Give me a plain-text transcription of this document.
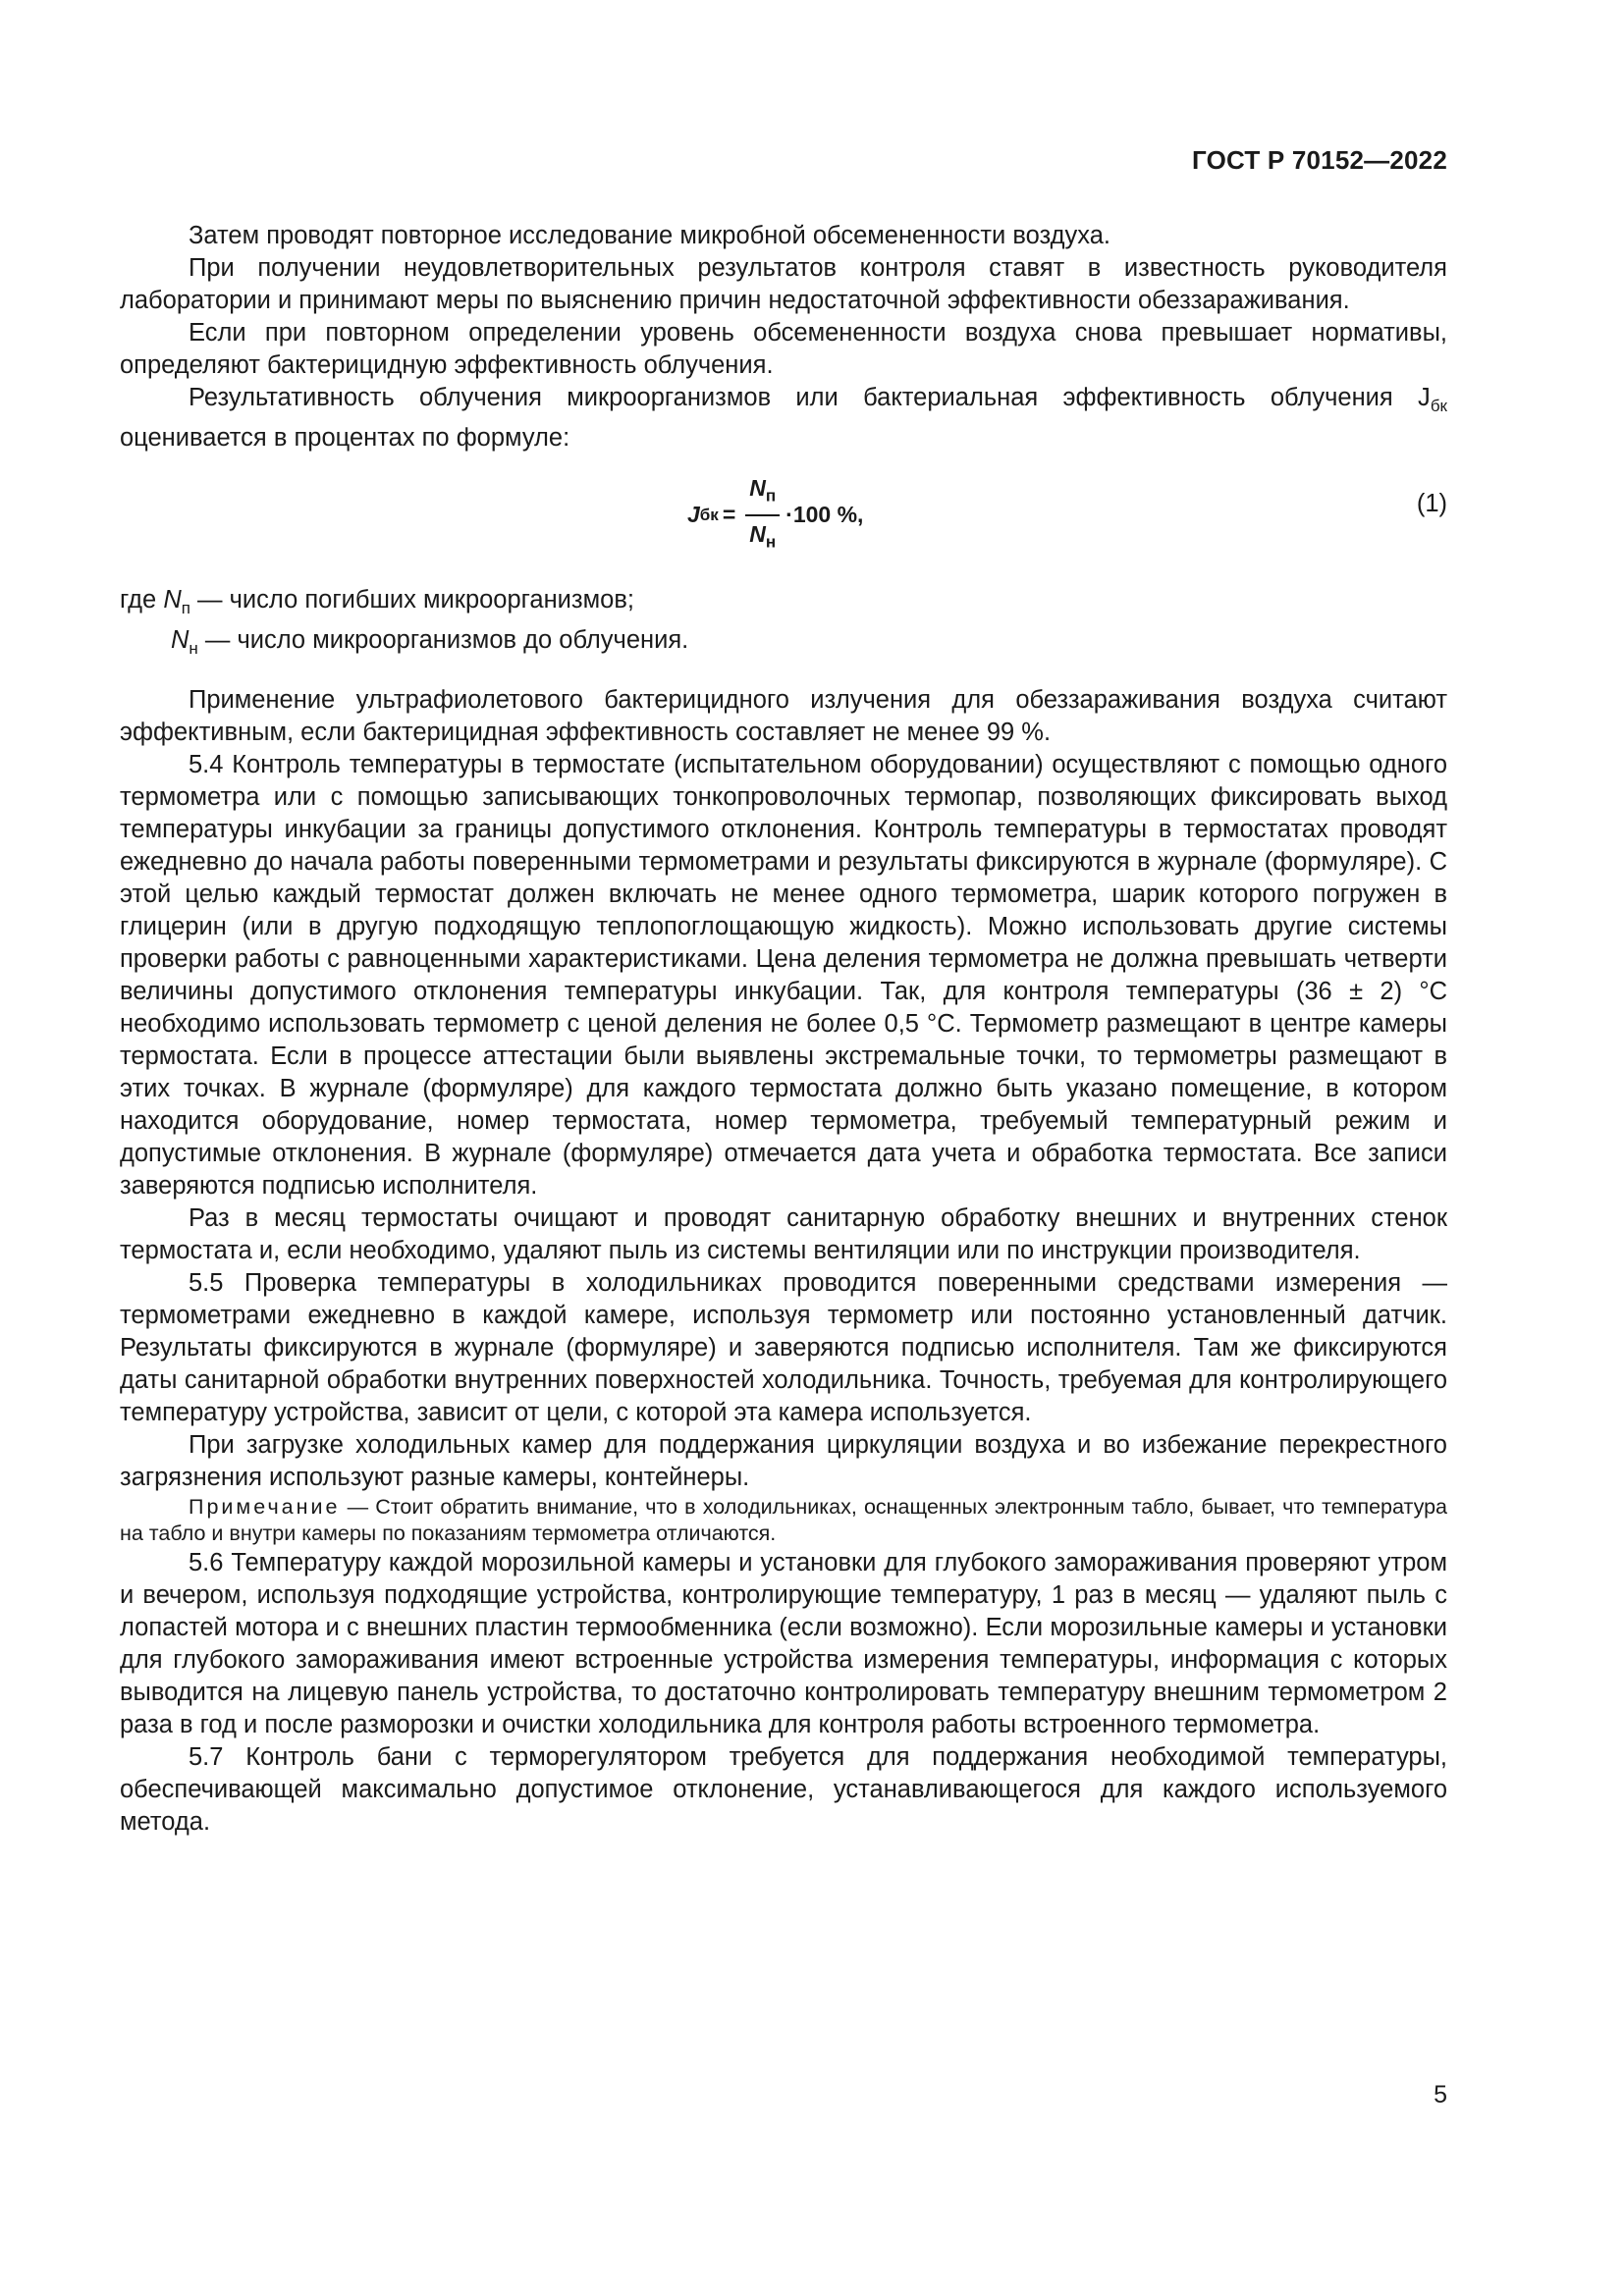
ГОСТ Р 70152—2022

Затем проводят повторное исследование микробной обсемененности воздуха.

При получении неудовлетворительных результатов контроля ставят в известность руководителя лаборатории и принимают меры по выяснению причин недостаточной эффективности обеззараживания.

Если при повторном определении уровень обсемененности воздуха снова превышает нормативы, определяют бактерицидную эффективность облучения.

Результативность облучения микроорганизмов или бактериальная эффективность облучения $J_{бк}$ оценивается в процентах по формуле:

J бк = $\frac{N_п}{N_н} \cdot 100$ %,	(1)
где $N_п$ — число погибших микроорганизмов;
$N_н$ — число микроорганизмов до облучения.

Применение ультрафиолетового бактерицидного излучения для обеззараживания воздуха считают эффективным, если бактерицидная эффективность составляет не менее 99 %.

5.4 Контроль температуры в термостате (испытательном оборудовании) осуществляют с помощью одного термометра или с помощью записывающих тонкопроволочных термопар, позволяющих фиксировать выход температуры инкубации за границы допустимого отклонения. Контроль температуры в термостатах проводят ежедневно до начала работы поверенными термометрами и результаты фиксируются в журнале (формуляре). С этой целью каждый термостат должен включать не менее одного термометра, шарик которого погружен в глицерин (или в другую подходящую теплопоглощающую жидкость). Можно использовать другие системы проверки работы с равноценными характеристиками. Цена деления термометра не должна превышать четверти величины допустимого отклонения температуры инкубации. Так, для контроля температуры (36 ± 2) °С необходимо использовать термометр с ценой деления не более 0,5 °С. Термометр размещают в центре камеры термостата. Если в процессе аттестации были выявлены экстремальные точки, то термометры размещают в этих точках. В журнале (формуляре) для каждого термостата должно быть указано помещение, в котором находится оборудование, номер термостата, номер термометра, требуемый температурный режим и допустимые отклонения. В журнале (формуляре) отмечается дата учета и обработка термостата. Все записи заверяются подписью исполнителя.

Раз в месяц термостаты очищают и проводят санитарную обработку внешних и внутренних стенок термостата и, если необходимо, удаляют пыль из системы вентиляции или по инструкции производителя.

5.5 Проверка температуры в холодильниках проводится поверенными средствами измерения — термометрами ежедневно в каждой камере, используя термометр или постоянно установленный датчик. Результаты фиксируются в журнале (формуляре) и заверяются подписью исполнителя. Там же фиксируются даты санитарной обработки внутренних поверхностей холодильника. Точность, требуемая для контролирующего температуру устройства, зависит от цели, с которой эта камера используется.

При загрузке холодильных камер для поддержания циркуляции воздуха и во избежание перекрестного загрязнения используют разные камеры, контейнеры.

Примечание — Стоит обратить внимание, что в холодильниках, оснащенных электронным табло, бывает, что температура на табло и внутри камеры по показаниям термометра отличаются.

5.6 Температуру каждой морозильной камеры и установки для глубокого замораживания проверяют утром и вечером, используя подходящие устройства, контролирующие температуру, 1 раз в месяц — удаляют пыль с лопастей мотора и с внешних пластин термообменника (если возможно). Если морозильные камеры и установки для глубокого замораживания имеют встроенные устройства измерения температуры, информация с которых выводится на лицевую панель устройства, то достаточно контролировать температуру внешним термометром 2 раза в год и после разморозки и очистки холодильника для контроля работы встроенного термометра.

5.7 Контроль бани с терморегулятором требуется для поддержания необходимой температуры, обеспечивающей максимально допустимое отклонение, устанавливающегося для каждого используемого метода.

5
